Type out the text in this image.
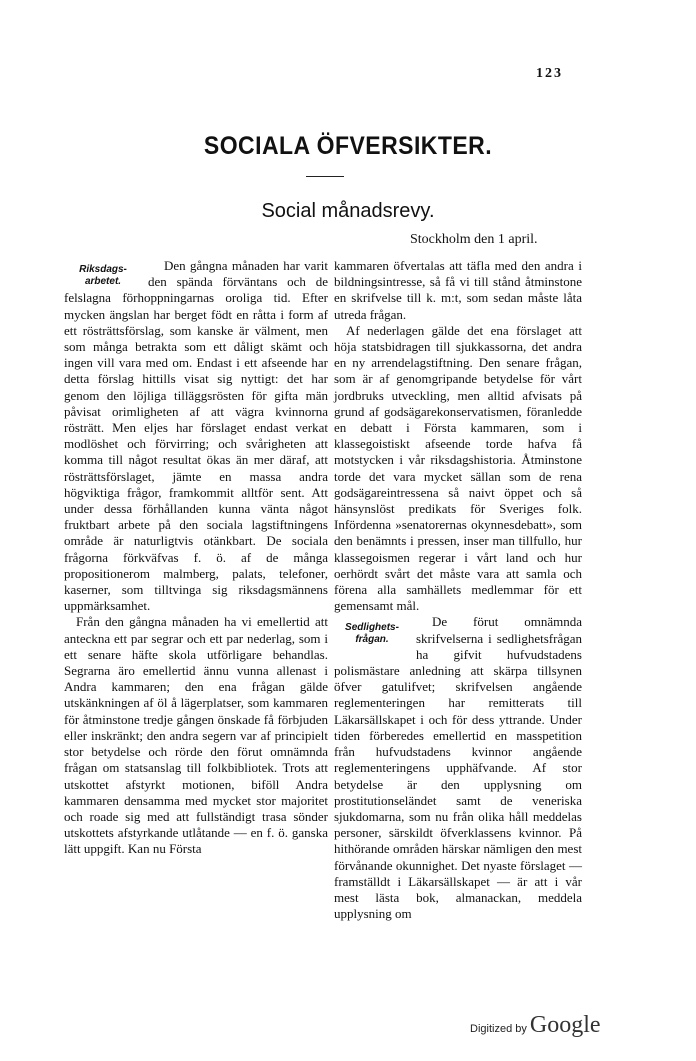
123
SOCIALA ÖFVERSIKTER.
Social månadsrevy.
Stockholm den 1 april.
Riksdags-arbetet.

Den gångna månaden har varit den spända förväntans och de felslagna förhoppningarnas oroliga tid. Efter mycken ängslan har berget födt en råtta i form af ett rösträttsförslag, som kanske är välment, men som många betrakta som ett dåligt skämt och ingen vill vara med om. Endast i ett afseende har detta förslag hittills visat sig nyttigt: det har genom den löjliga tilläggsrösten för gifta män påvisat orimligheten af att vägra kvinnorna rösträtt. Men eljes har förslaget endast verkat modlöshet och förvirring; och svårigheten att komma till något resultat ökas än mer däraf, att rösträttsförslaget, jämte en massa andra högviktiga frågor, framkommit alltför sent. Att under dessa förhållanden kunna vänta något fruktbart arbete på den sociala lagstiftningens område är naturligtvis otänkbart. De sociala frågorna förkväfvas f. ö. af de många propositionerom malmberg, palats, telefoner, kaserner, som tilltvinga sig riksdagsmännens uppmärksamhet.

Från den gångna månaden ha vi emellertid att anteckna ett par segrar och ett par nederlag, som i ett senare häfte skola utförligare behandlas. Segrarna äro emellertid ännu vunna allenast i Andra kammaren; den ena frågan gälde utskänkningen af öl å lägerplatser, som kammaren för åtminstone tredje gången önskade få förbjuden eller inskränkt; den andra segern var af principielt stor betydelse och rörde den förut omnämnda frågan om statsanslag till folkbibliotek. Trots att utskottet afstyrkt motionen, biföll Andra kammaren densamma med mycket stor majoritet och roade sig med att fullständigt trasa sönder utskottets afstyrkande utlåtande — en f. ö. ganska lätt uppgift. Kan nu Första

kammaren öfvertalas att täfla med den andra i bildningsintresse, så få vi till stånd åtminstone en skrifvelse till k. m:t, som sedan måste låta utreda frågan.

Af nederlagen gälde det ena förslaget att höja statsbidragen till sjukkassorna, det andra en ny arrendelagstiftning. Den senare frågan, som är af genomgripande betydelse för vårt jordbruks utveckling, men alltid afvisats på grund af godsägarekonservatismen, föranledde en debatt i Första kammaren, som i klassegoistiskt afseende torde hafva få motstycken i vår riksdagshistoria. Åtminstone torde det vara mycket sällan som de rena godsägareintressena så naivt öppet och så hänsynslöst predikats för Sveriges folk. Infördenna »senatorernas okynnesdebatt», som den benämnts i pressen, inser man tillfullo, hur klassegoismen regerar i vårt land och hur oerhördt svårt det måste vara att samla och förena alla samhällets medlemmar för ett gemensamt mål.

Sedlighets-frågan.

De förut omnämnda skrifvelserna i sedlighetsfrågan ha gifvit hufvudstadens polismästare anledning att skärpa tillsynen öfver gatulifvet; skrifvelsen angående reglementeringen har remitterats till Läkarsällskapet i och för dess yttrande. Under tiden förberedes emellertid en masspetition från hufvudstadens kvinnor angående reglementeringens upphäfvande. Af stor betydelse är den upplysning om prostitutionseländet samt de veneriska sjukdomarna, som nu från olika håll meddelas personer, särskildt öfverklassens kvinnor. På hithörande områden härskar nämligen den mest förvånande okunnighet. Det nyaste förslaget — framställdt i Läkarsällskapet — är att i vår mest lästa bok, almanackan, meddela upplysning om

Digitized by Google
